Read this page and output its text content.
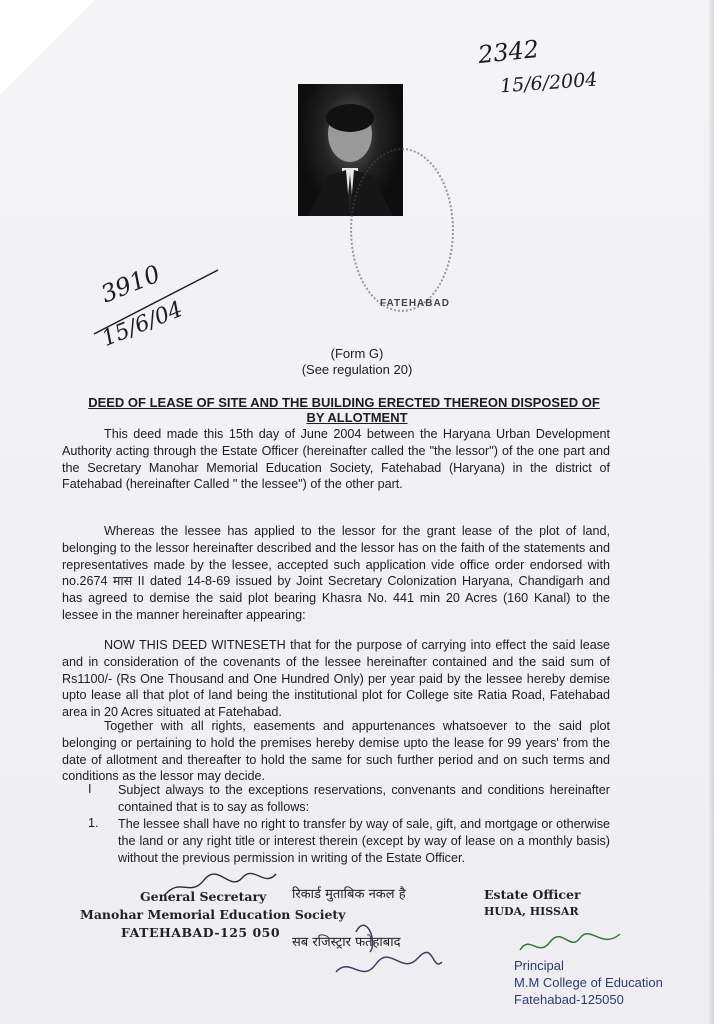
2342
15/6/2004
3910
15/6/04	FATEHABAD
(Form G)
(See regulation 20)
DEED OF LEASE OF SITE AND THE BUILDING ERECTED THEREON DISPOSED OF
BY ALLOTMENT
This deed made this 15th day of June 2004 between the Haryana Urban Development Authority acting through the Estate Officer (hereinafter called the "the lessor") of the one part and the Secretary Manohar Memorial Education Society, Fatehabad (Haryana) in the district of Fatehabad (hereinafter Called " the lessee") of the other part.
Whereas the lessee has applied to the lessor for the grant lease of the plot of land, belonging to the lessor hereinafter described and the lessor has on the faith of the statements and representatives made by the lessee, accepted such application vide office order endorsed with no.2674 मास II dated 14-8-69 issued by Joint Secretary Colonization Haryana, Chandigarh and has agreed to demise the said plot bearing Khasra No. 441 min 20 Acres (160 Kanal) to the lessee in the manner hereinafter appearing:
NOW THIS DEED WITNESETH that for the purpose of carrying into effect the said lease and in consideration of the covenants of the lessee hereinafter contained and the said sum of Rs1100/- (Rs One Thousand and One Hundred Only) per year paid by the lessee hereby demise upto lease all that plot of land being the institutional plot for College site Ratia Road, Fatehabad area in 20 Acres situated at Fatehabad.
Together with all rights, easements and appurtenances whatsoever to the said plot belonging or pertaining to hold the premises hereby demise upto the lease for 99 years' from the date of allotment and thereafter to hold the same for such further period and on such terms and conditions as the lessor may decide.
I Subject always to the exceptions reservations, convenants and conditions hereinafter contained that is to say as follows:
1. The lessee shall have no right to transfer by way of sale, gift, and mortgage or otherwise the land or any right title or interest therein (except by way of lease on a monthly basis) without the previous permission in writing of the Estate Officer.
General Secretary
Manohar Memorial Education Society
FATEHABAD-125 050
रिकार्ड मुताबिक नकल है
सब रजिस्ट्रार फतेहाबाद
Estate Officer
HUDA, HISSAR
Principal
M.M College of Education
Fatehabad-125050
